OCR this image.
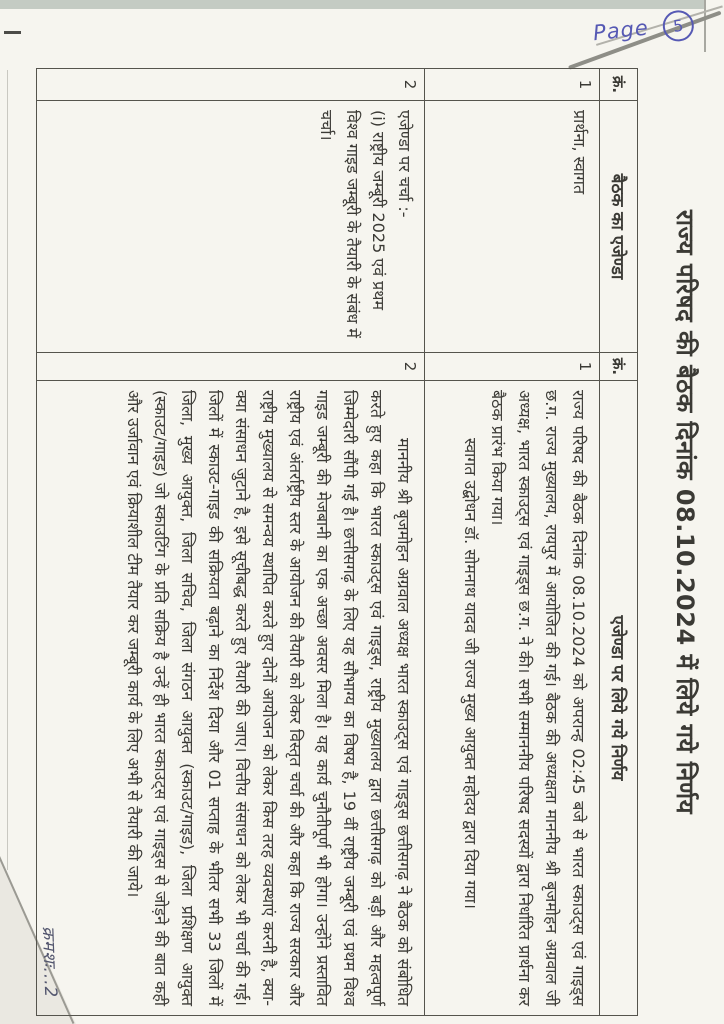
Page 5
राज्य परिषद की बैठक दिनांक 08.10.2024 में लिये गये निर्णय
क्रं.	बैठक का एजेण्डा	क्रं.	एजेण्डा पर लिये गये निर्णय
1	प्रार्थना, स्वागत	1	राज्य परिषद की बैठक दिनांक 08.10.2024 को अपरान्ह 02:45 बजे से भारत स्काउट्स एवं गाइड्स छ.ग. राज्य मुख्यालय, रायपुर में आयोजित की गई। बैठक की अध्यक्षता माननीय श्री बृजमोहन अग्रवाल जी अध्यक्ष, भारत स्काउट्स एवं गाइड्स छ.ग. ने की। सभी सम्माननीय परिषद सदस्यों द्वारा निर्धारित प्रार्थना कर बैठक प्रारंभ किया गया।

स्वागत उद्बोधन डॉ. सोमनाथ यादव जी राज्य मुख्य आयुक्त महोदय द्वारा दिया गया।

2	एजेण्डा पर चर्चा :-
(i) राष्ट्रीय जम्बूरी 2025 एवं प्रथम विश्व गाइड जम्बूरी के तैयारी के संबंध में चर्चा।	2	माननीय श्री बृजमोहन अग्रवाल अध्यक्ष भारत स्काउट्स एवं गाइड्स छत्तीसगढ़ ने बैठक को संबोधित करते हुए कहा कि भारत स्काउट्स एवं गाइड्स, राष्ट्रीय मुख्यालय द्वारा छत्तीसगढ़ को बड़ी और महत्वपूर्ण जिम्मेदारी सौंपी गई है। छत्तीसगढ़ के लिए यह सौभाग्य का विषय है, 19 वीं राष्ट्रीय जम्बूरी एवं प्रथम विश्व गाइड जम्बूरी की मेजबानी का एक अच्छा अवसर मिला है। यह कार्य चुनौतीपूर्ण भी होगा। उन्होंने प्रस्तावित राष्ट्रीय एवं अंतर्राष्ट्रीय स्तर के आयोजन की तैयारी को लेकर विस्तृत चर्चा की और कहा कि राज्य सरकार और राष्ट्रीय मुख्यालय से समन्वय स्थापित करते हुए दोनों आयोजन को लेकर किस तरह व्यवस्थाएं करनी है, क्या-क्या संसाधन जुटाने है, इसे सूचीबद्ध करते हुए तैयारी की जाए। वित्तीय संसाधन को लेकर भी चर्चा की गई। जिलों में स्काउट-गाइड की सक्रियता बढ़ाने का निर्देश दिया और 01 सप्ताह के भीतर सभी 33 जिलों में जिला, मुख्य आयुक्त, जिला सचिव, जिला संगठन आयुक्त (स्काउट/गाइड), जिला प्रशिक्षण आयुक्त (स्काउट/गाइड) जो स्काउटिंग के प्रति सक्रिय है उन्हें ही भारत स्काउट्स एवं गाइड्स से जोड़ने की बात कही और उर्जावान एवं क्रियाशील टीम तैयार कर जम्बूरी कार्य के लिए अभी से तैयारी की जाये।

क्रमशः...2
